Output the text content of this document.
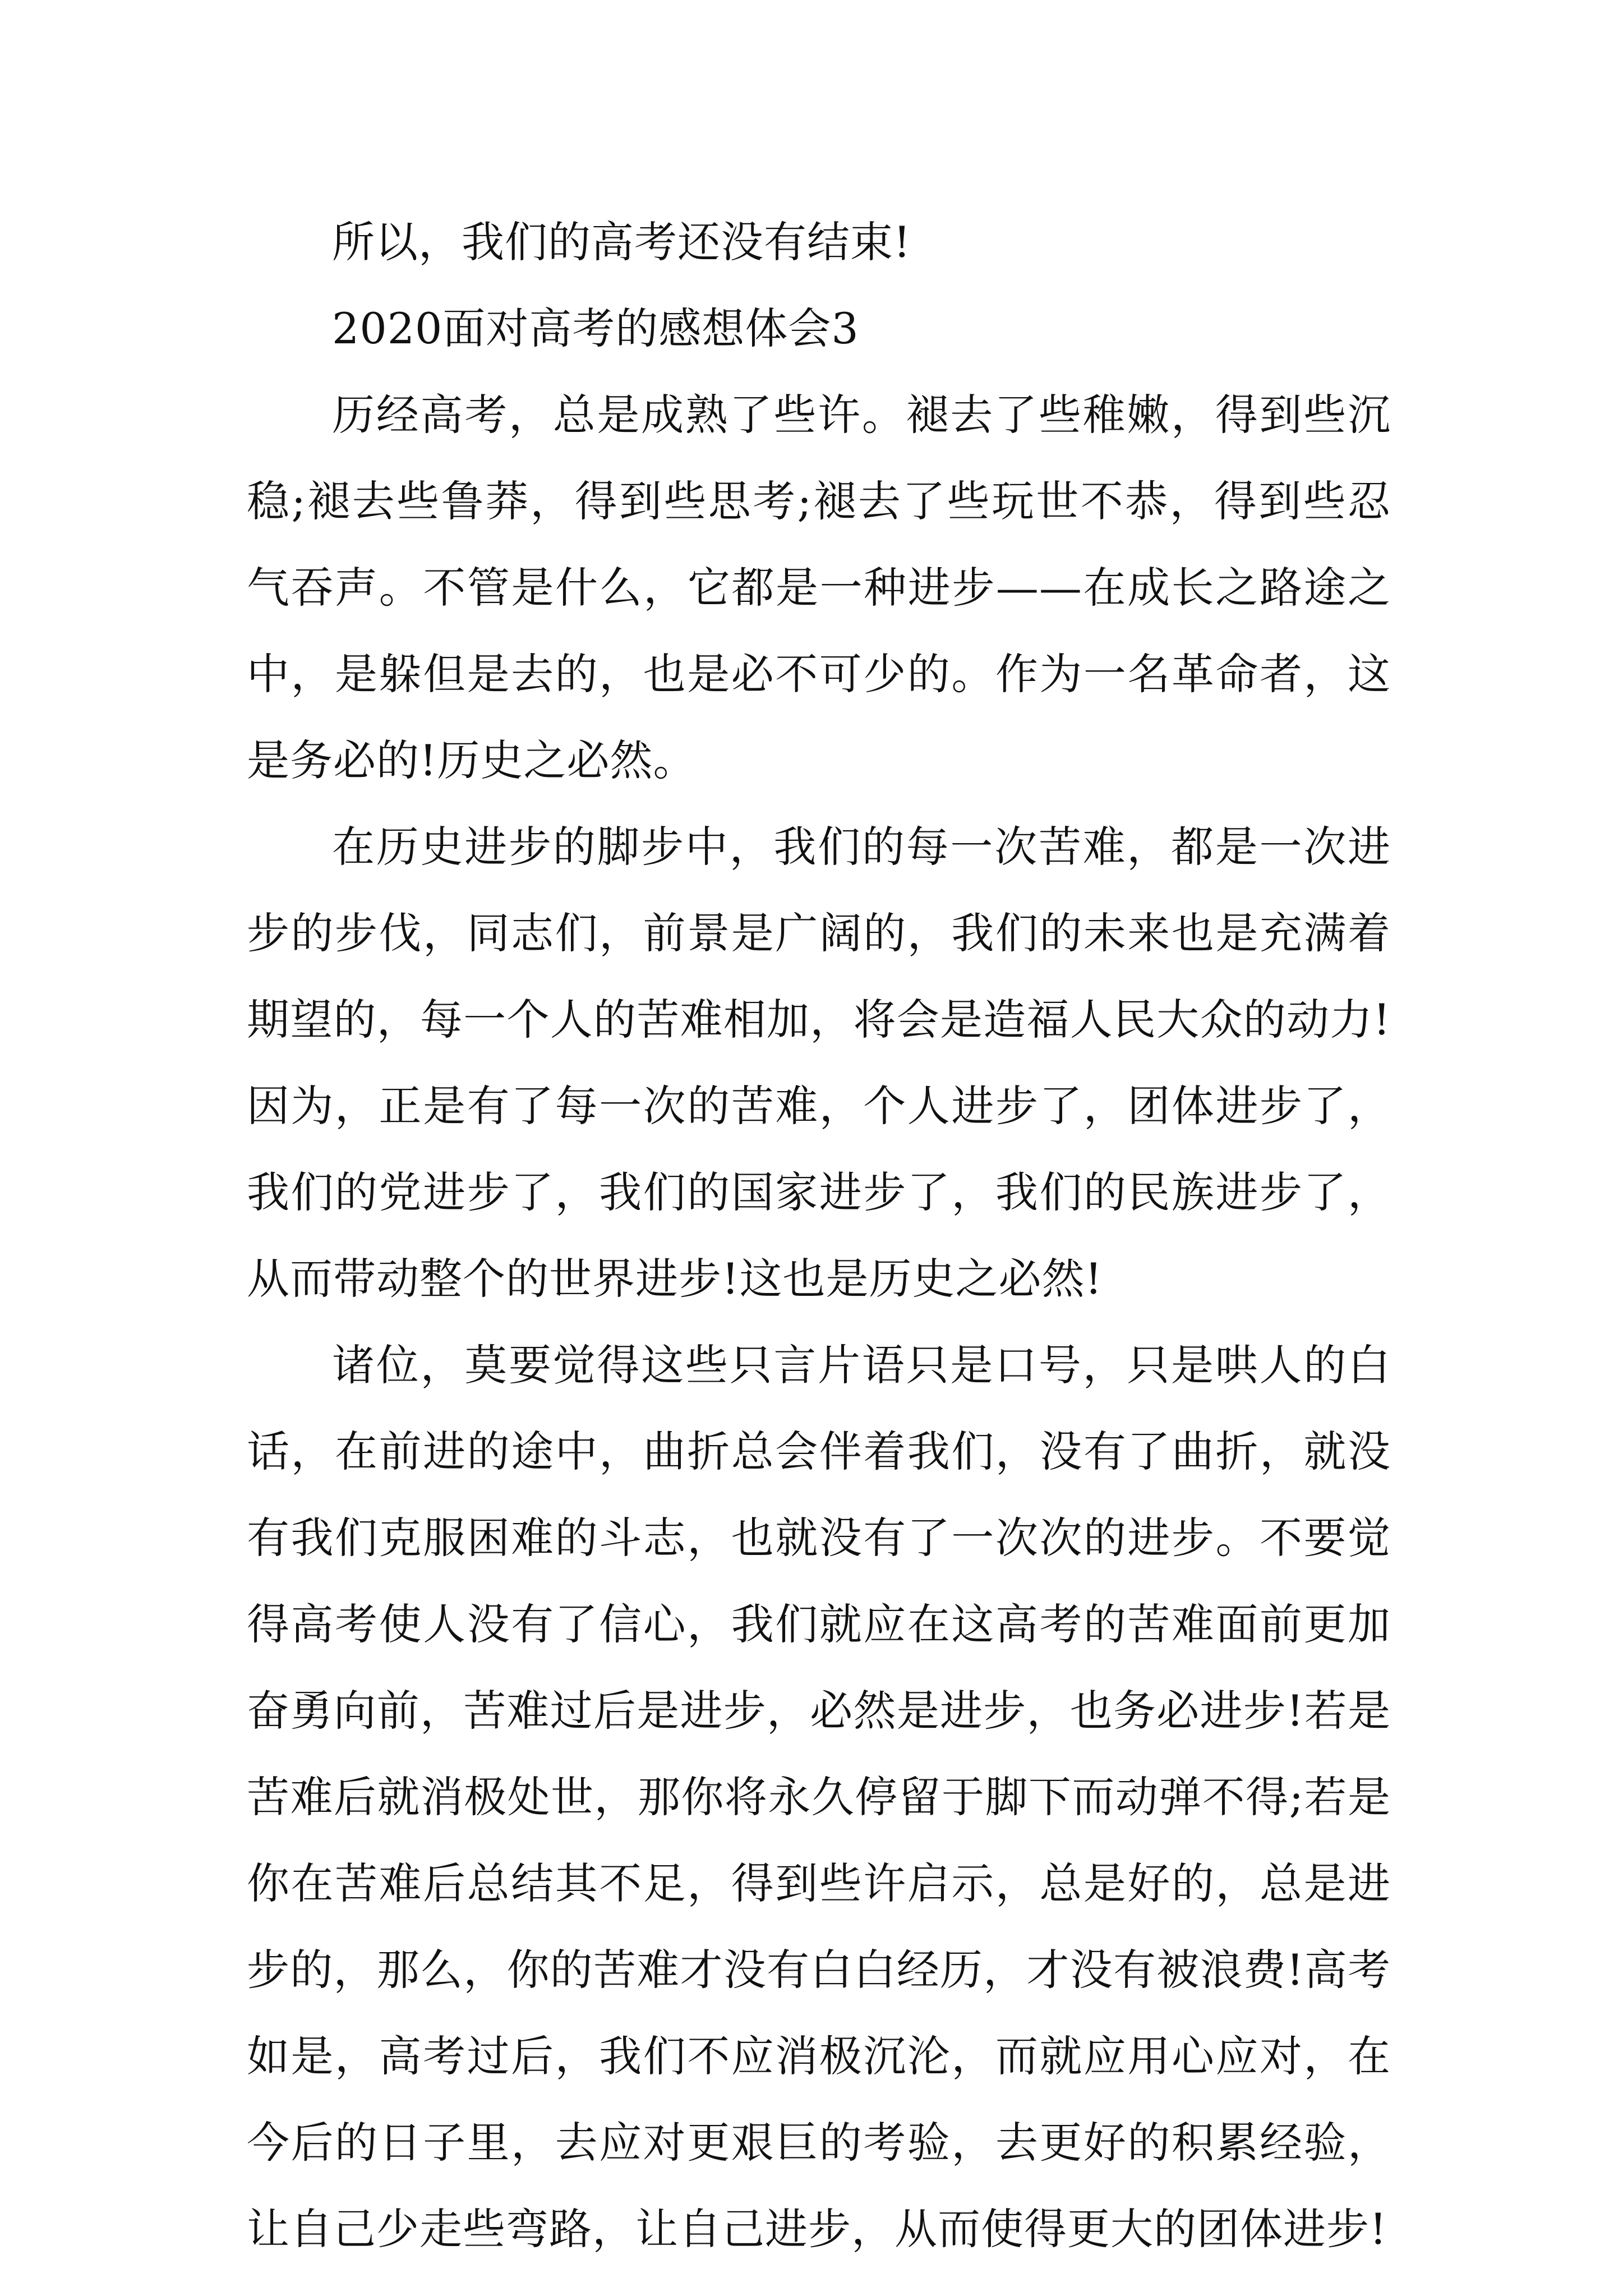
所以，我们的高考还没有结束!

2020面对高考的感想体会3

历经高考，总是成熟了些许。褪去了些稚嫩，得到些沉稳;褪去些鲁莽，得到些思考;褪去了些玩世不恭，得到些忍气吞声。不管是什么，它都是一种进步——在成长之路途之中，是躲但是去的，也是必不可少的。作为一名革命者，这是务必的!历史之必然。

在历史进步的脚步中，我们的每一次苦难，都是一次进步的步伐，同志们，前景是广阔的，我们的未来也是充满着期望的，每一个人的苦难相加，将会是造福人民大众的动力!因为，正是有了每一次的苦难，个人进步了，团体进步了，我们的党进步了，我们的国家进步了，我们的民族进步了，从而带动整个的世界进步!这也是历史之必然!

诸位，莫要觉得这些只言片语只是口号，只是哄人的白话，在前进的途中，曲折总会伴着我们，没有了曲折，就没有我们克服困难的斗志，也就没有了一次次的进步。不要觉得高考使人没有了信心，我们就应在这高考的苦难面前更加奋勇向前，苦难过后是进步，必然是进步，也务必进步!若是苦难后就消极处世，那你将永久停留于脚下而动弹不得;若是你在苦难后总结其不足，得到些许启示，总是好的，总是进步的，那么，你的苦难才没有白白经历，才没有被浪费!高考如是，高考过后，我们不应消极沉沦，而就应用心应对，在今后的日子里，去应对更艰巨的考验，去更好的积累经验，让自己少走些弯路，让自己进步，从而使得更大的团体进步!
